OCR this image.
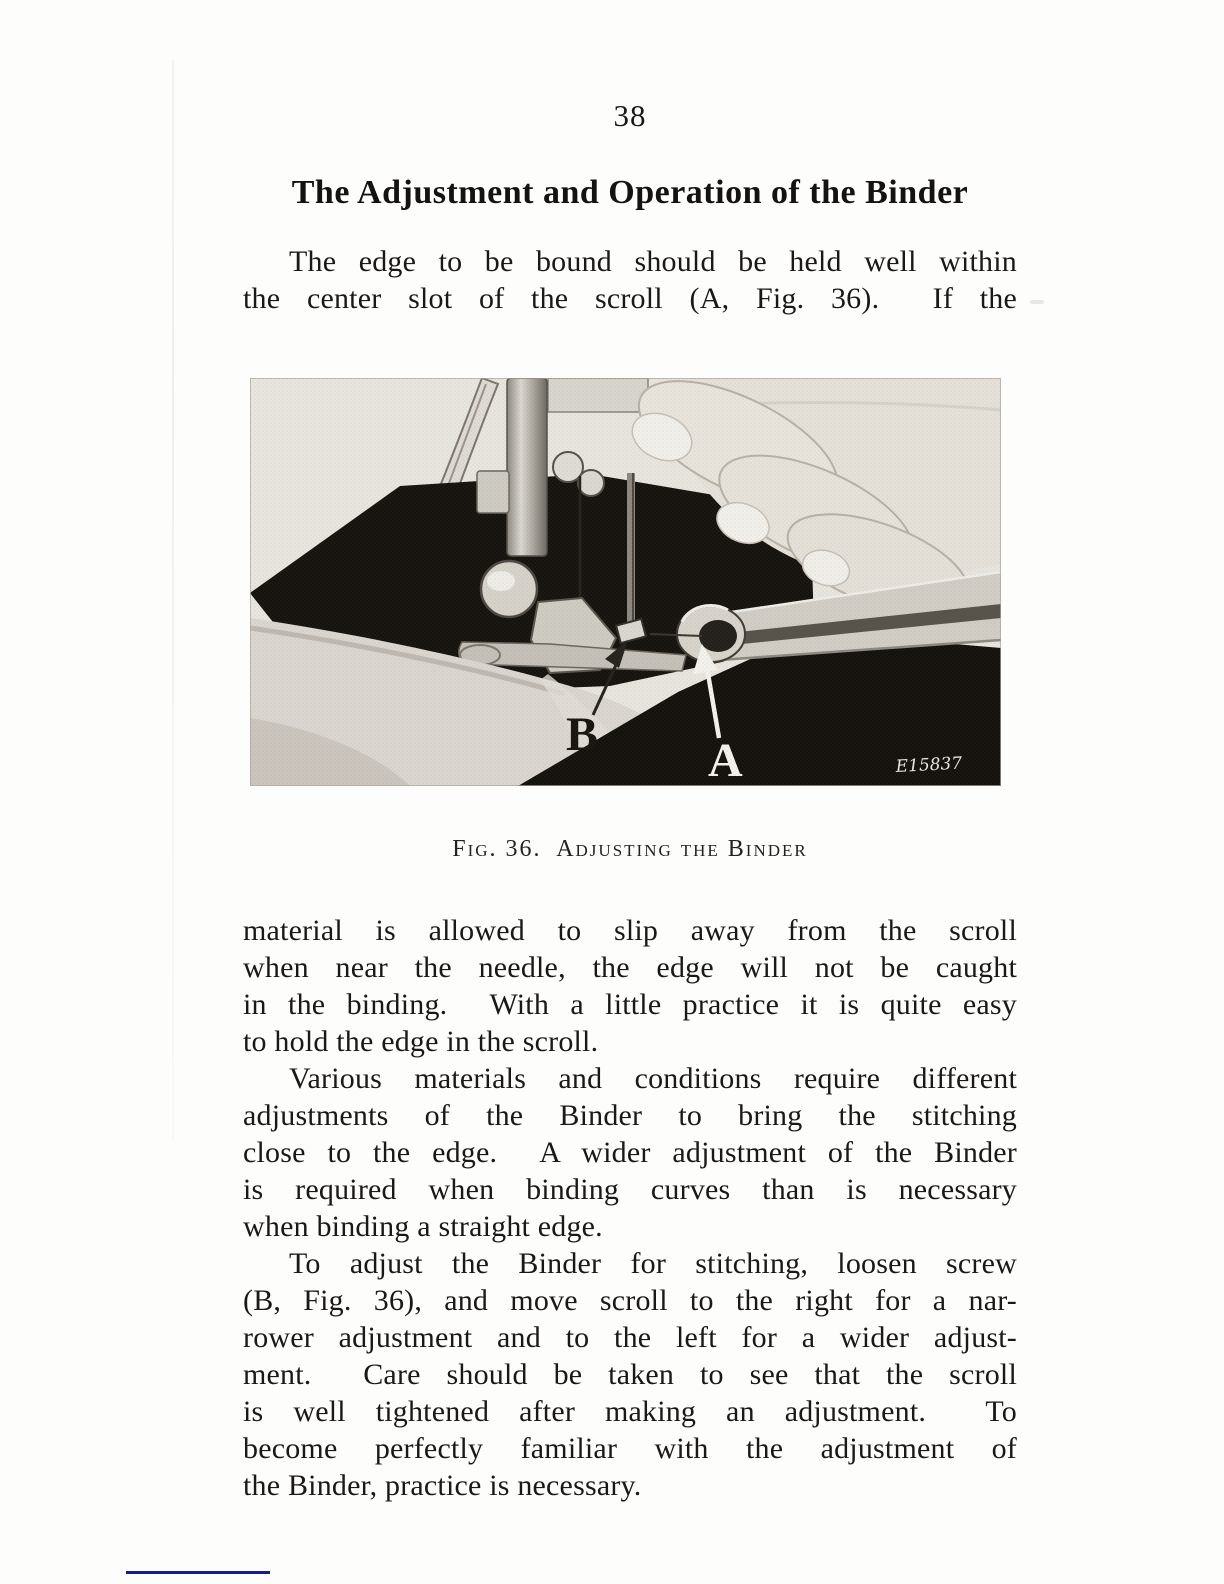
38
The Adjustment and Operation of the Binder
The edge to be bound should be held well within
the center slot of the scroll (A, Fig. 36).  If the
B A	E15837
Fig. 36.  Adjusting the Binder
material is allowed to slip away from the scroll
when near the needle, the edge will not be caught
in the binding.  With a little practice it is quite easy
to hold the edge in the scroll.
Various materials and conditions require different
adjustments of the Binder to bring the stitching
close to the edge.  A wider adjustment of the Binder
is required when binding curves than is necessary
when binding a straight edge.
To adjust the Binder for stitching, loosen screw
(B, Fig. 36), and move scroll to the right for a nar-
rower adjustment and to the left for a wider adjust-
ment.  Care should be taken to see that the scroll
is well tightened after making an adjustment.  To
become perfectly familiar with the adjustment of
the Binder, practice is necessary.
